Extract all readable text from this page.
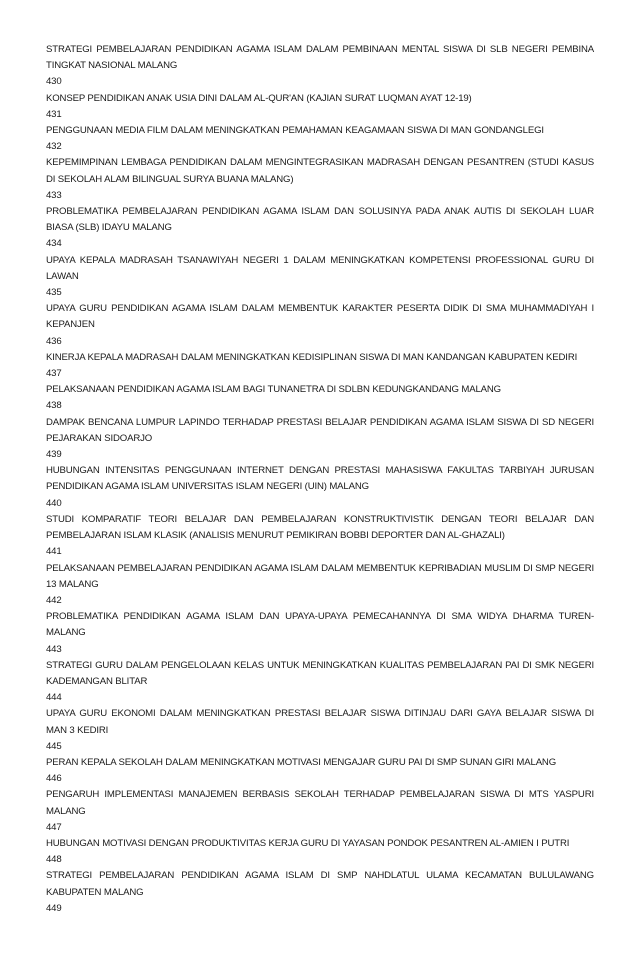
STRATEGI PEMBELAJARAN PENDIDIKAN AGAMA ISLAM DALAM PEMBINAAN MENTAL SISWA DI SLB NEGERI PEMBINA TINGKAT NASIONAL MALANG

430

KONSEP PENDIDIKAN ANAK USIA DINI DALAM AL-QUR'AN (KAJIAN SURAT LUQMAN AYAT 12-19)

431

PENGGUNAAN MEDIA FILM DALAM MENINGKATKAN PEMAHAMAN KEAGAMAAN SISWA DI MAN GONDANGLEGI

432

KEPEMIMPINAN LEMBAGA PENDIDIKAN DALAM MENGINTEGRASIKAN MADRASAH DENGAN PESANTREN (STUDI KASUS DI SEKOLAH ALAM BILINGUAL SURYA BUANA MALANG)

433

PROBLEMATIKA PEMBELAJARAN PENDIDIKAN AGAMA ISLAM DAN SOLUSINYA PADA ANAK AUTIS DI SEKOLAH LUAR BIASA (SLB) IDAYU MALANG

434

UPAYA KEPALA MADRASAH TSANAWIYAH NEGERI 1 DALAM MENINGKATKAN KOMPETENSI PROFESSIONAL GURU DI LAWAN

435

UPAYA GURU PENDIDIKAN AGAMA ISLAM DALAM MEMBENTUK KARAKTER PESERTA DIDIK DI SMA MUHAMMADIYAH I KEPANJEN

436

KINERJA KEPALA MADRASAH DALAM MENINGKATKAN KEDISIPLINAN SISWA DI MAN KANDANGAN KABUPATEN KEDIRI

437

PELAKSANAAN PENDIDIKAN AGAMA ISLAM BAGI TUNANETRA DI SDLBN KEDUNGKANDANG MALANG

438

DAMPAK BENCANA LUMPUR LAPINDO TERHADAP PRESTASI BELAJAR PENDIDIKAN AGAMA ISLAM SISWA DI SD NEGERI PEJARAKAN SIDOARJO

439

HUBUNGAN INTENSITAS PENGGUNAAN INTERNET DENGAN PRESTASI MAHASISWA FAKULTAS TARBIYAH JURUSAN PENDIDIKAN AGAMA ISLAM UNIVERSITAS ISLAM NEGERI (UIN) MALANG

440

STUDI KOMPARATIF TEORI BELAJAR DAN PEMBELAJARAN KONSTRUKTIVISTIK DENGAN TEORI BELAJAR DAN PEMBELAJARAN ISLAM KLASIK (ANALISIS MENURUT PEMIKIRAN BOBBI DEPORTER DAN AL-GHAZALI)

441

PELAKSANAAN PEMBELAJARAN PENDIDIKAN AGAMA ISLAM DALAM MEMBENTUK KEPRIBADIAN MUSLIM DI SMP NEGERI 13 MALANG

442

PROBLEMATIKA PENDIDIKAN AGAMA ISLAM DAN UPAYA-UPAYA PEMECAHANNYA DI SMA WIDYA DHARMA TUREN-MALANG

443

STRATEGI GURU DALAM PENGELOLAAN KELAS UNTUK MENINGKATKAN KUALITAS PEMBELAJARAN PAI DI SMK NEGERI KADEMANGAN BLITAR

444

UPAYA GURU EKONOMI DALAM MENINGKATKAN PRESTASI BELAJAR SISWA DITINJAU DARI GAYA BELAJAR SISWA DI MAN 3 KEDIRI

445

PERAN KEPALA SEKOLAH DALAM MENINGKATKAN MOTIVASI MENGAJAR GURU PAI DI SMP SUNAN GIRI MALANG

446

PENGARUH IMPLEMENTASI MANAJEMEN BERBASIS SEKOLAH TERHADAP PEMBELAJARAN SISWA DI MTS YASPURI MALANG

447

HUBUNGAN MOTIVASI DENGAN PRODUKTIVITAS KERJA GURU DI YAYASAN PONDOK PESANTREN AL-AMIEN I PUTRI

448

STRATEGI PEMBELAJARAN PENDIDIKAN AGAMA ISLAM DI SMP NAHDLATUL ULAMA KECAMATAN BULULAWANG KABUPATEN MALANG

449
